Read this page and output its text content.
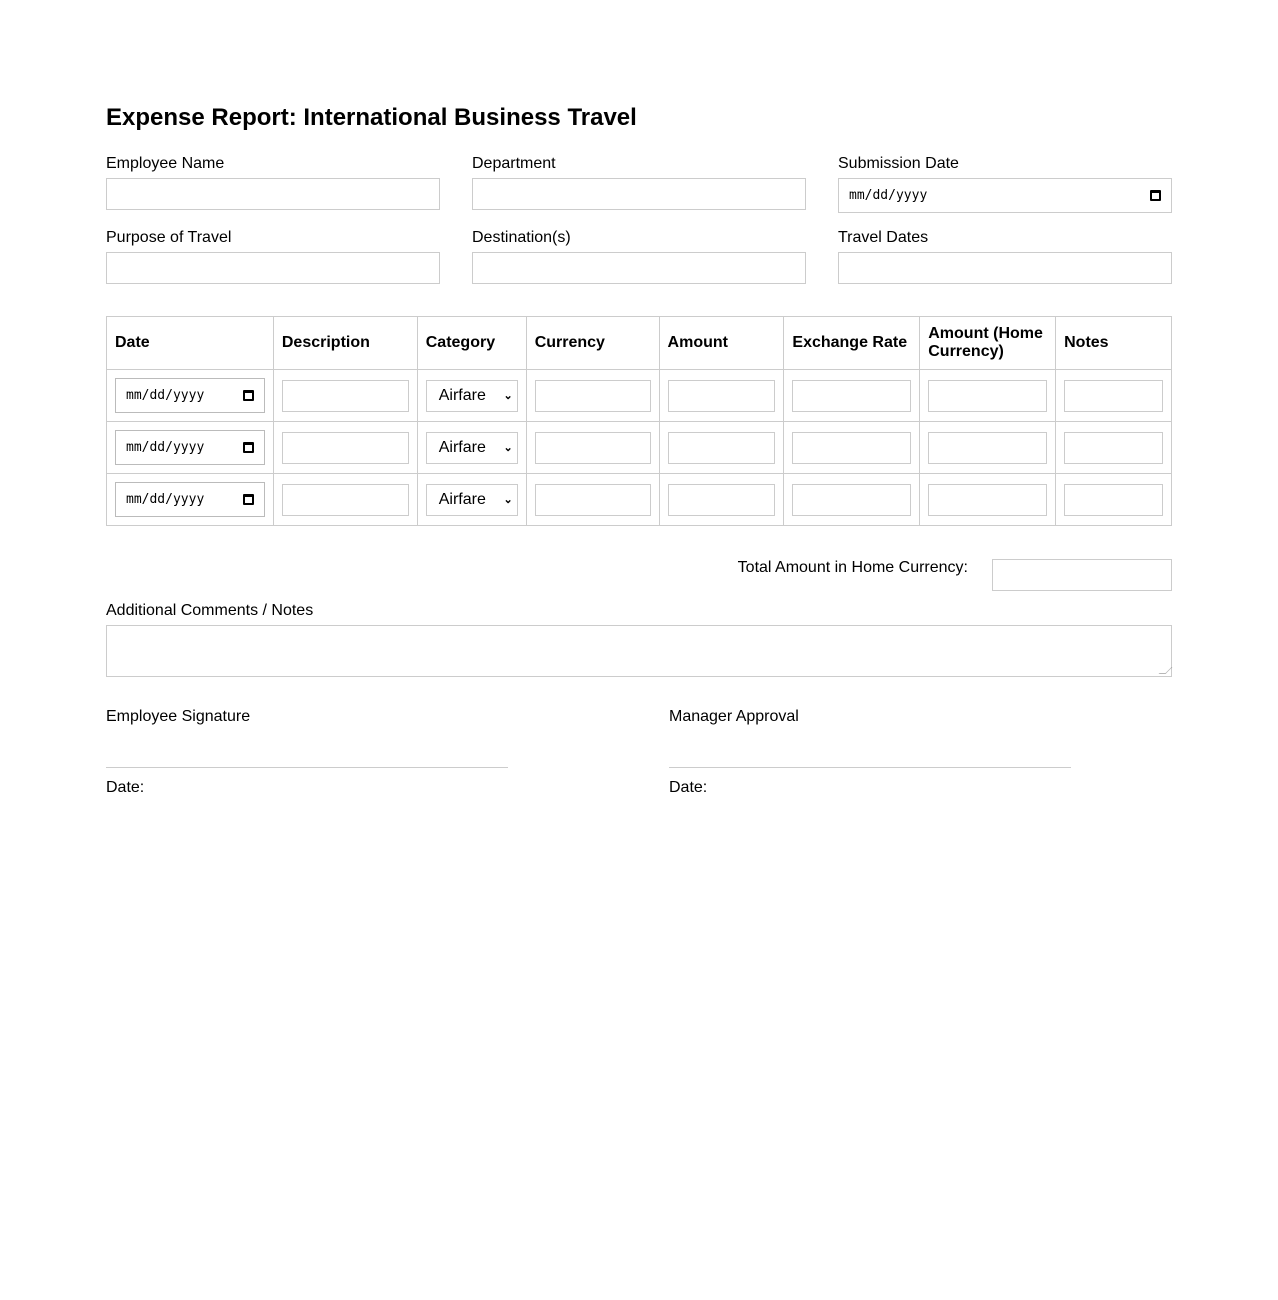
Expense Report: International Business Travel
Employee Name	Department	Submission Date
mm/dd/yyyy
Purpose of Travel	Destination(s)	Travel Dates
Date	Description	Category	Currency	Amount	Exchange Rate	Amount (Home Currency)	Notes

mm/dd/yyyy		Airfare ⌄					

mm/dd/yyyy		Airfare ⌄					

mm/dd/yyyy		Airfare ⌄					

Total Amount in Home Currency:
Additional Comments / Notes
Employee Signature
Date:
Manager Approval
Date:
